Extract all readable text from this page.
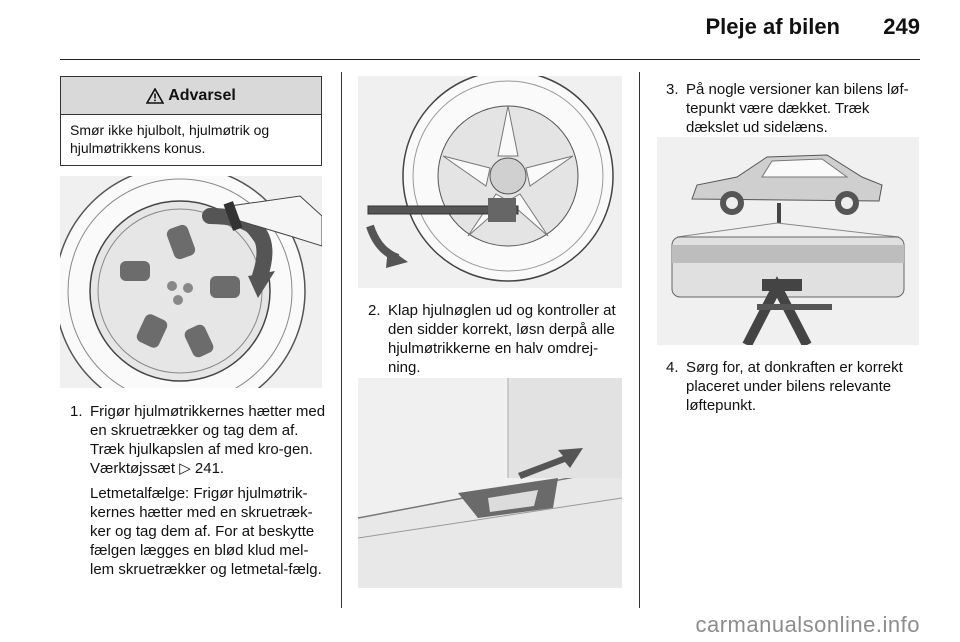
Pleje af bilen 249
Advarsel
Smør ikke hjulbolt, hjulmøtrik og hjulmøtrikkens konus.
1. Frigør hjulmøtrikkernes hætter med en skruetrækker og tag dem af. Træk hjulkapslen af med kro-gen. Værktøjssæt ▷ 241.
Letmetalfælge: Frigør hjulmøtrik-kernes hætter med en skruetræk-ker og tag dem af. For at beskytte fælgen lægges en blød klud mel-lem skruetrækker og letmetal-fælg.
2. Klap hjulnøglen ud og kontroller at den sidder korrekt, løsn derpå alle hjulmøtrikkerne en halv omdrej-ning.
3. På nogle versioner kan bilens løf-tepunkt være dækket. Træk dækslet ud sidelæns.
4. Sørg for, at donkraften er korrekt placeret under bilens relevante løftepunkt.
carmanualsonline.info
